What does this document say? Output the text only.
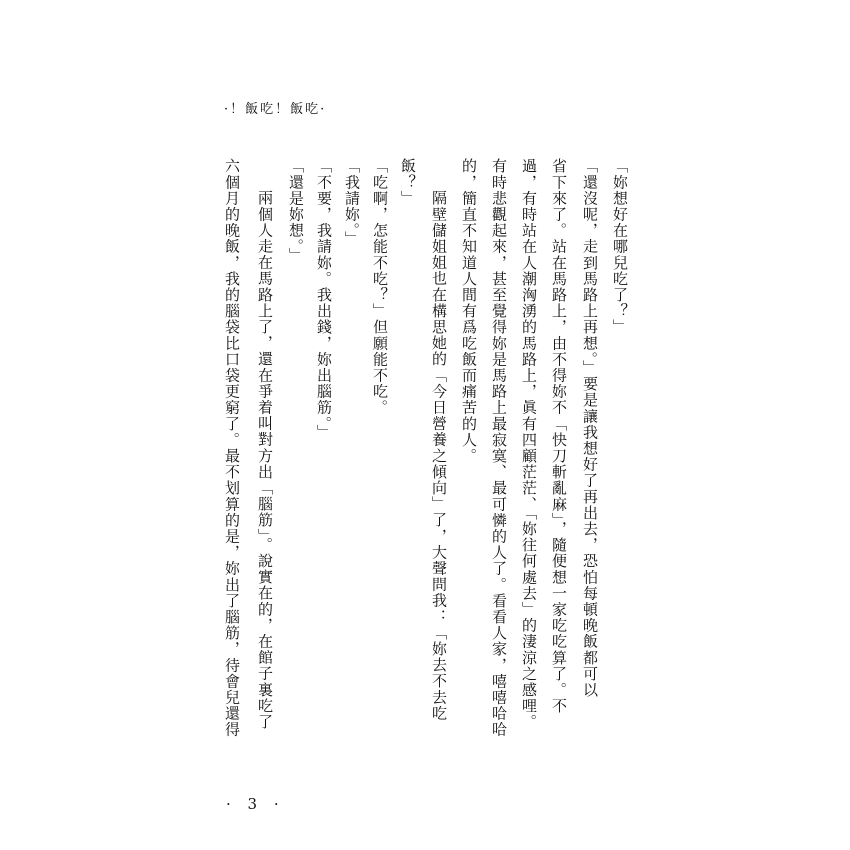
·！飯吃！飯吃·
「妳想好在哪兒吃了？」
「還沒呢，走到馬路上再想。」要是讓我想好了再出去，恐怕每頓晚飯都可以
省下來了。站在馬路上，由不得妳不「快刀斬亂麻」，隨便想一家吃吃算了。不
過，有時站在人潮洶湧的馬路上，眞有四顧茫茫、「妳往何處去」的淒涼之感哩。
有時悲觀起來，甚至覺得妳是馬路上最寂寞、最可憐的人了。看看人家，嘻嘻哈哈
的，簡直不知道人間有爲吃飯而痛苦的人。
隔壁儲姐姐也在構思她的「今日營養之傾向」了，大聲問我：「妳去不去吃
飯？」
「吃啊，怎能不吃？」但願能不吃。
「我請妳。」
「不要，我請妳。我出錢，妳出腦筋。」
「還是妳想。」
兩個人走在馬路上了，還在爭着叫對方出「腦筋」。說實在的，在館子裏吃了
六個月的晚飯，我的腦袋比口袋更窮了。最不划算的是，妳出了腦筋，待會兒還得
· 3 ·
